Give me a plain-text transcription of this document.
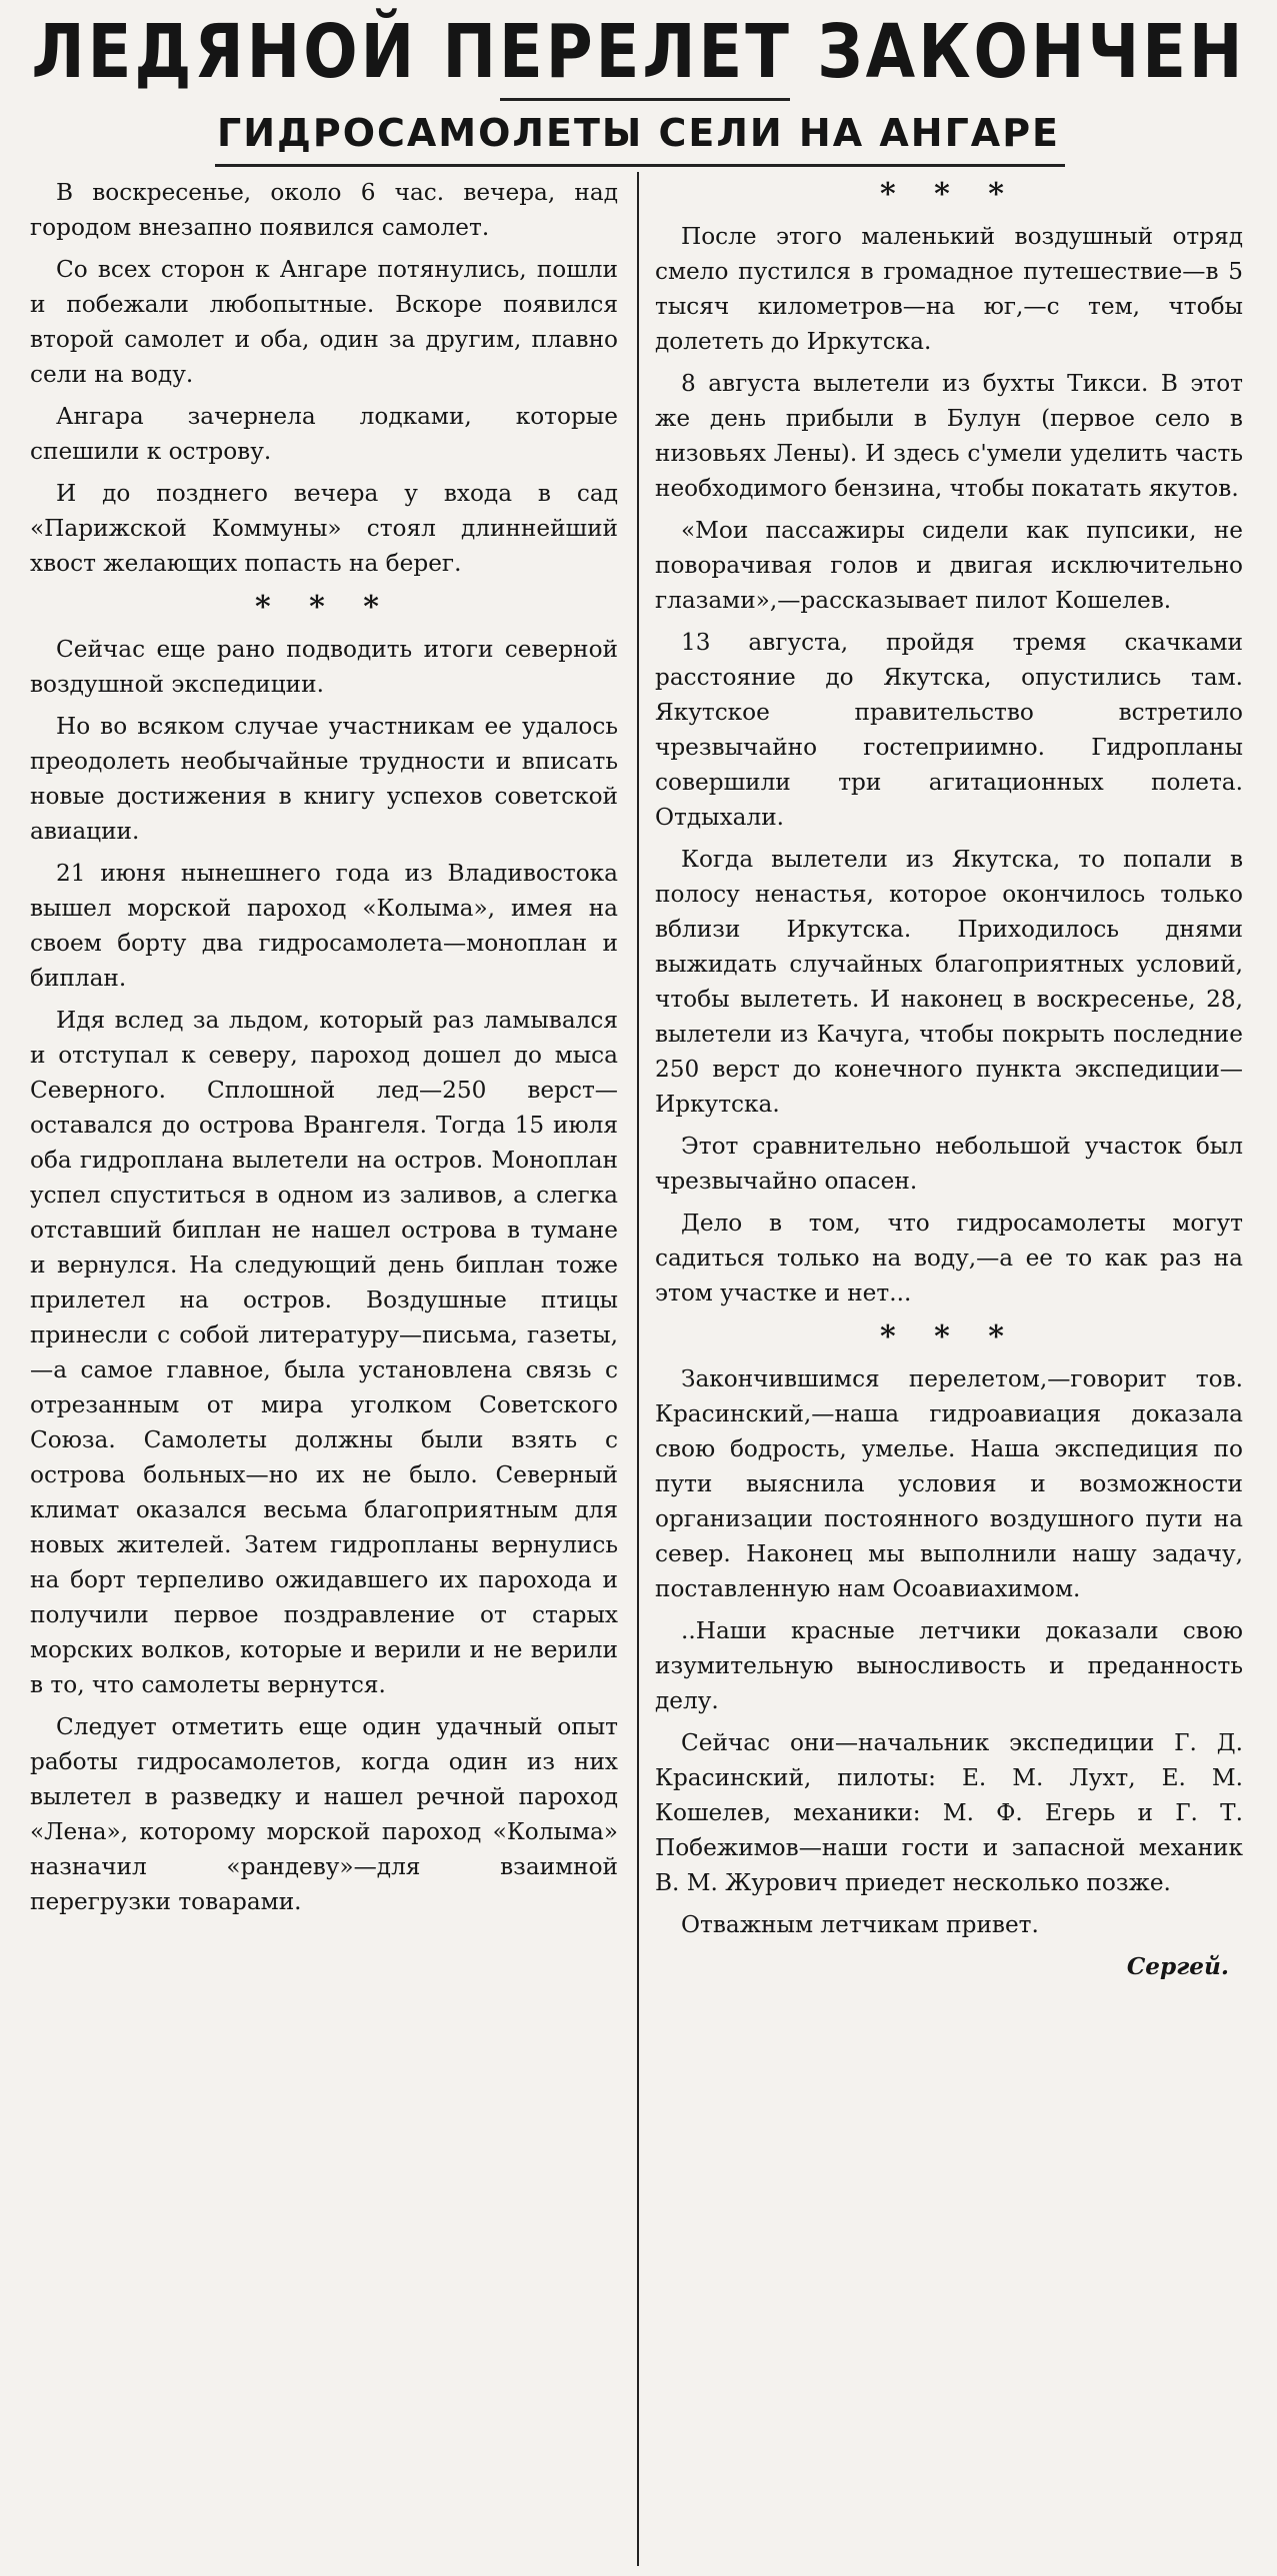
ЛЕДЯНОЙ ПЕРЕЛЕТ ЗАКОНЧЕН
ГИДРОСАМОЛЕТЫ СЕЛИ НА АНГАРЕ

В воскресенье, около 6 час. вечера, над городом внезапно появился самолет.

Со всех сторон к Ангаре потянулись, пошли и побежали любопытные. Вскоре появился второй самолет и оба, один за другим, плавно сели на воду.

Ангара зачернела лодками, которые спешили к острову.

И до позднего вечера у входа в сад «Парижской Коммуны» стоял длиннейший хвост желающих попасть на берег.

* * *

Сейчас еще рано подводить итоги северной воздушной экспедиции.

Но во всяком случае участникам ее удалось преодолеть необычайные трудности и вписать новые достижения в книгу успехов советской авиации.

21 июня нынешнего года из Владивостока вышел морской пароход «Колыма», имея на своем борту два гидросамолета—моноплан и биплан.

Идя вслед за льдом, который раз ламывался и отступал к северу, пароход дошел до мыса Северного. Сплошной лед—250 верст—оставался до острова Врангеля. Тогда 15 июля оба гидроплана вылетели на остров. Моноплан успел спуститься в одном из заливов, а слегка отставший биплан не нашел острова в тумане и вернулся. На следующий день биплан тоже прилетел на остров. Воздушные птицы принесли с собой литературу—письма, газеты,—а самое главное, была установлена связь с отрезанным от мира уголком Советского Союза. Самолеты должны были взять с острова больных—но их не было. Северный климат оказался весьма благоприятным для новых жителей. Затем гидропланы вернулись на борт терпеливо ожидавшего их парохода и получили первое поздравление от старых морских волков, которые и верили и не верили в то, что самолеты вернутся.

Следует отметить еще один удачный опыт работы гидросамолетов, когда один из них вылетел в разведку и нашел речной пароход «Лена», которому морской пароход «Колыма» назначил «рандеву»—для взаимной перегрузки товарами.

* * *

После этого маленький воздушный отряд смело пустился в громадное путешествие—в 5 тысяч километров—на юг,—с тем, чтобы долететь до Иркутска.

8 августа вылетели из бухты Тикси. В этот же день прибыли в Булун (первое село в низовьях Лены). И здесь с'умели уделить часть необходимого бензина, чтобы покатать якутов.

«Мои пассажиры сидели как пупсики, не поворачивая голов и двигая исключительно глазами»,—рассказывает пилот Кошелев.

13 августа, пройдя тремя скачками расстояние до Якутска, опустились там. Якутское правительство встретило чрезвычайно гостеприимно. Гидропланы совершили три агитационных полета. Отдыхали.

Когда вылетели из Якутска, то попали в полосу ненастья, которое окончилось только вблизи Иркутска. Приходилось днями выжидать случайных благоприятных условий, чтобы вылететь. И наконец в воскресенье, 28, вылетели из Качуга, чтобы покрыть последние 250 верст до конечного пункта экспедиции—Иркутска.

Этот сравнительно небольшой участок был чрезвычайно опасен.

Дело в том, что гидросамолеты могут садиться только на воду,—а ее то как раз на этом участке и нет...

* * *

Закончившимся перелетом,—говорит тов. Красинский,—наша гидроавиация доказала свою бодрость, умелье. Наша экспедиция по пути выяснила условия и возможности организации постоянного воздушного пути на север. Наконец мы выполнили нашу задачу, поставленную нам Осоавиахимом.

..Наши красные летчики доказали свою изумительную выносливость и преданность делу.

Сейчас они—начальник экспедиции Г. Д. Красинский, пилоты: Е. М. Лухт, Е. М. Кошелев, механики: М. Ф. Егерь и Г. Т. Побежимов—наши гости и запасной механик В. М. Журович приедет несколько позже.

Отважным летчикам привет.

Сергей.
